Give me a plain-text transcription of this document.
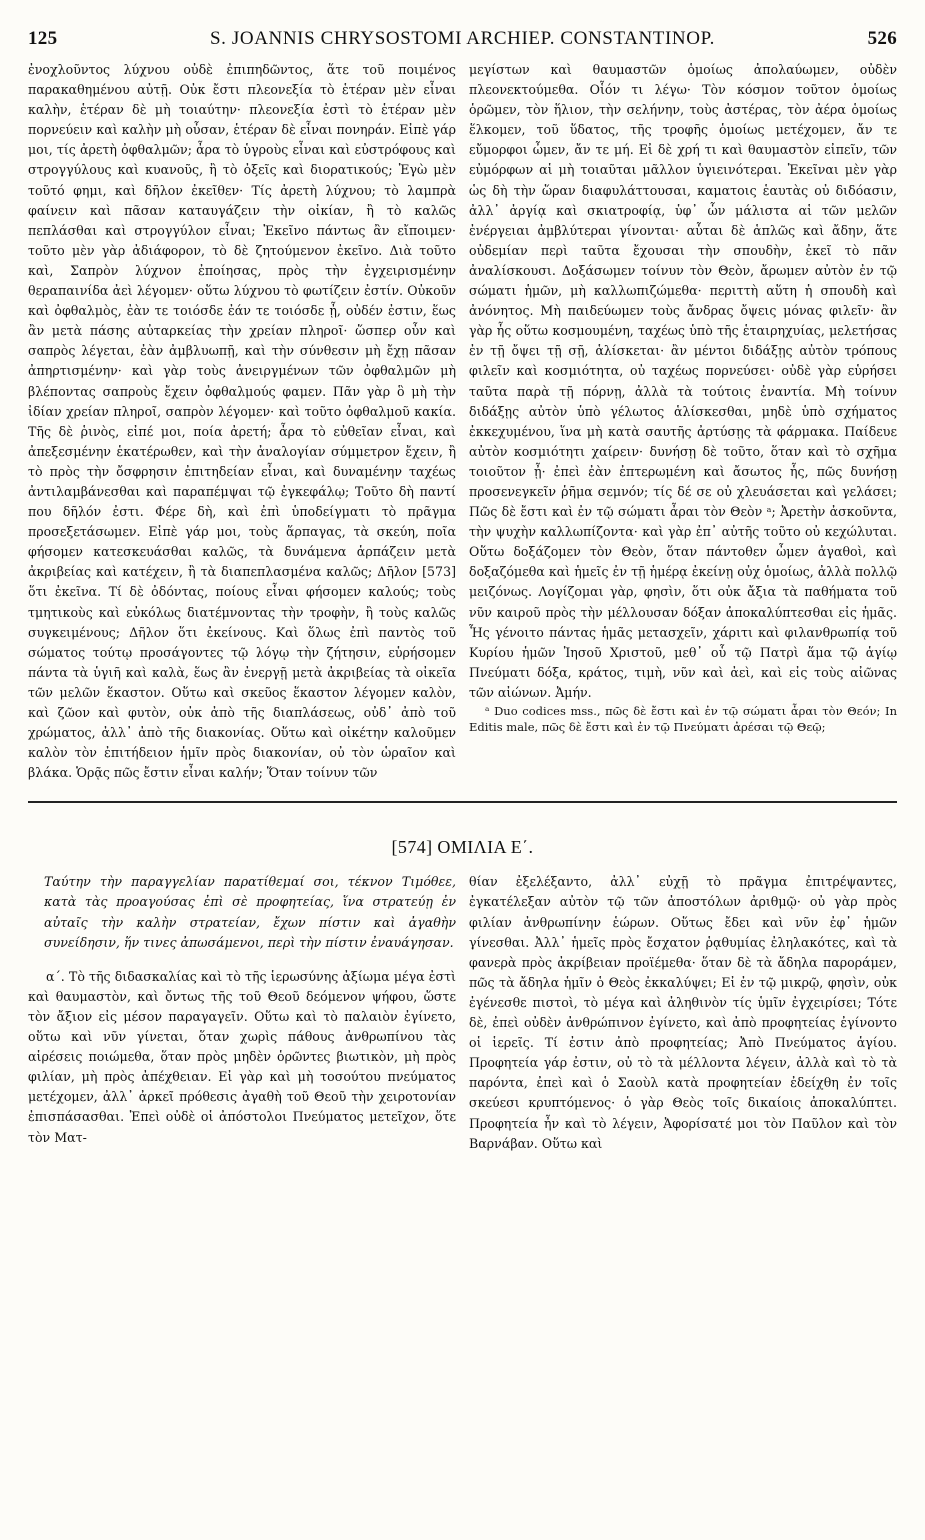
125	S. JOANNIS CHRYSOSTOMI ARCHIEP. CONSTANTINOP.	526

ἐνοχλοῦντος λύχνου οὐδὲ ἐπιπηδῶντος, ἅτε τοῦ ποιμένος παρακαθημένου αὐτῇ. Οὐκ ἔστι πλεονεξία τὸ ἑτέραν μὲν εἶναι καλὴν, ἑτέραν δὲ μὴ τοιαύτην· πλεονεξία ἐστὶ τὸ ἑτέραν μὲν πορνεύειν καὶ καλὴν μὴ οὖσαν, ἑτέραν δὲ εἶναι πονηράν. Εἰπὲ γάρ μοι, τίς ἀρετὴ ὀφθαλμῶν; ἆρα τὸ ὑγροὺς εἶναι καὶ εὐστρόφους καὶ στρογγύλους καὶ κυανοῦς, ἢ τὸ ὀξεῖς καὶ διορατικούς; Ἐγὼ μὲν τοῦτό φημι, καὶ δῆλον ἐκεῖθεν· Τίς ἀρετὴ λύχνου; τὸ λαμπρὰ φαίνειν καὶ πᾶσαν καταυγάζειν τὴν οἰκίαν, ἢ τὸ καλῶς πεπλάσθαι καὶ στρογγύλον εἶναι; Ἐκεῖνο πάντως ἂν εἴποιμεν· τοῦτο μὲν γὰρ ἀδιάφορον, τὸ δὲ ζητούμενον ἐκεῖνο. Διὰ τοῦτο καὶ, Σαπρὸν λύχνον ἐποίησας, πρὸς τὴν ἐγχειρισμένην θεραπαινίδα ἀεὶ λέγομεν· οὕτω λύχνου τὸ φωτίζειν ἐστίν. Οὐκοῦν καὶ ὀφθαλμὸς, ἐὰν τε τοιόσδε ἐάν τε τοιόσδε ᾖ, οὐδέν ἐστιν, ἕως ἂν μετὰ πάσης αὐταρκείας τὴν χρείαν πληροῖ· ὥσπερ οὖν καὶ σαπρὸς λέγεται, ἐὰν ἀμβλυωπῇ, καὶ τὴν σύνθεσιν μὴ ἔχῃ πᾶσαν ἀπηρτισμένην· καὶ γὰρ τοὺς ἀνειργμένων τῶν ὀφθαλμῶν μὴ βλέποντας σαπροὺς ἔχειν ὀφθαλμούς φαμεν. Πᾶν γὰρ ὃ μὴ τὴν ἰδίαν χρείαν πληροῖ, σαπρὸν λέγομεν· καὶ τοῦτο ὀφθαλμοῦ κακία. Τῆς δὲ ῥινὸς, εἰπέ μοι, ποία ἀρετή; ἆρα τὸ εὐθεῖαν εἶναι, καὶ ἀπεξεσμένην ἑκατέρωθεν, καὶ τὴν ἀναλογίαν σύμμετρον ἔχειν, ἢ τὸ πρὸς τὴν ὄσφρησιν ἐπιτηδείαν εἶναι, καὶ δυναμένην ταχέως ἀντιλαμβάνεσθαι καὶ παραπέμψαι τῷ ἐγκεφάλῳ; Τοῦτο δὴ παντί που δῆλόν ἐστι. Φέρε δὴ, καὶ ἐπὶ ὑποδείγματι τὸ πρᾶγμα προσεξετάσωμεν. Εἰπὲ γάρ μοι, τοὺς ἅρπαγας, τὰ σκεύη, ποῖα φήσομεν κατεσκευάσθαι καλῶς, τὰ δυνάμενα ἁρπάζειν μετὰ ἀκριβείας καὶ κατέχειν, ἢ τὰ διαπεπλασμένα καλῶς; Δῆλον [573] ὅτι ἐκεῖνα. Τί δὲ ὀδόντας, ποίους εἶναι φήσομεν καλούς; τοὺς τμητικοὺς καὶ εὐκόλως διατέμνοντας τὴν τροφὴν, ἢ τοὺς καλῶς συγκειμένους; Δῆλον ὅτι ἐκείνους. Καὶ ὅλως ἐπὶ παντὸς τοῦ σώματος τούτῳ προσάγοντες τῷ λόγῳ τὴν ζήτησιν, εὑρήσομεν πάντα τὰ ὑγιῆ καὶ καλὰ, ἕως ἂν ἐνεργῇ μετὰ ἀκριβείας τὰ οἰκεῖα τῶν μελῶν ἕκαστον. Οὕτω καὶ σκεῦος ἕκαστον λέγομεν καλὸν, καὶ ζῶον καὶ φυτὸν, οὐκ ἀπὸ τῆς διαπλάσεως, οὐδ᾽ ἀπὸ τοῦ χρώματος, ἀλλ᾽ ἀπὸ τῆς διακονίας. Οὕτω καὶ οἰκέτην καλοῦμεν καλὸν τὸν ἐπιτήδειον ἡμῖν πρὸς διακονίαν, οὐ τὸν ὡραῖον καὶ βλάκα. Ὁρᾷς πῶς ἔστιν εἶναι καλήν; Ὅταν τοίνυν τῶν

μεγίστων καὶ θαυμαστῶν ὁμοίως ἀπολαύωμεν, οὐδὲν πλεονεκτούμεθα. Οἷόν τι λέγω· Τὸν κόσμον τοῦτον ὁμοίως ὁρῶμεν, τὸν ἥλιον, τὴν σελήνην, τοὺς ἀστέρας, τὸν ἀέρα ὁμοίως ἕλκομεν, τοῦ ὕδατος, τῆς τροφῆς ὁμοίως μετέχομεν, ἄν τε εὔμορφοι ὦμεν, ἄν τε μή. Εἰ δὲ χρή τι καὶ θαυμαστὸν εἰπεῖν, τῶν εὐμόρφων αἱ μὴ τοιαῦται μᾶλλον ὑγιεινότεραι. Ἐκεῖναι μὲν γὰρ ὡς δὴ τὴν ὥραν διαφυλάττουσαι, καματοις ἑαυτὰς οὐ διδόασιν, ἀλλ᾽ ἀργίᾳ καὶ σκιατροφίᾳ, ὑφ᾽ ὧν μάλιστα αἱ τῶν μελῶν ἐνέργειαι ἀμβλύτεραι γίνονται· αὗται δὲ ἁπλῶς καὶ ἄδην, ἅτε οὐδεμίαν περὶ ταῦτα ἔχουσαι τὴν σπουδὴν, ἐκεῖ τὸ πᾶν ἀναλίσκουσι. Δοξάσωμεν τοίνυν τὸν Θεὸν, ἄρωμεν αὐτὸν ἐν τῷ σώματι ἡμῶν, μὴ καλλωπιζώμεθα· περιττὴ αὕτη ἡ σπουδὴ καὶ ἀνόνητος. Μὴ παιδεύωμεν τοὺς ἄνδρας ὄψεις μόνας φιλεῖν· ἂν γὰρ ἧς οὕτω κοσμουμένη, ταχέως ὑπὸ τῆς ἑταιρηχυίας, μελετήσας ἐν τῇ ὄψει τῇ σῇ, ἁλίσκεται· ἂν μέντοι διδάξῃς αὐτὸν τρόπους φιλεῖν καὶ κοσμιότητα, οὐ ταχέως πορνεύσει· οὐδὲ γὰρ εὑρήσει ταῦτα παρὰ τῇ πόρνῃ, ἀλλὰ τὰ τούτοις ἐναντία. Μὴ τοίνυν διδάξῃς αὐτὸν ὑπὸ γέλωτος ἁλίσκεσθαι, μηδὲ ὑπὸ σχήματος ἐκκεχυμένου, ἵνα μὴ κατὰ σαυτῆς ἀρτύσῃς τὰ φάρμακα. Παίδευε αὐτὸν κοσμιότητι χαίρειν· δυνήσῃ δὲ τοῦτο, ὅταν καὶ τὸ σχῆμα τοιοῦτον ᾖ· ἐπεὶ ἐὰν ἐπτερωμένη καὶ ἄσωτος ἧς, πῶς δυνήσῃ προσενεγκεῖν ῥῆμα σεμνόν; τίς δέ σε οὐ χλευάσεται καὶ γελάσει; Πῶς δὲ ἔστι καὶ ἐν τῷ σώματι ἆραι τὸν Θεὸν ᵃ; Ἀρετὴν ἀσκοῦντα, τὴν ψυχὴν καλλωπίζοντα· καὶ γὰρ ἐπ᾽ αὐτῆς τοῦτο οὐ κεχώλυται. Οὕτω δοξάζομεν τὸν Θεὸν, ὅταν πάντοθεν ὦμεν ἀγαθοὶ, καὶ δοξαζόμεθα καὶ ἡμεῖς ἐν τῇ ἡμέρᾳ ἐκείνῃ οὐχ ὁμοίως, ἀλλὰ πολλῷ μειζόνως. Λογίζομαι γὰρ, φησὶν, ὅτι οὐκ ἄξια τὰ παθήματα τοῦ νῦν καιροῦ πρὸς τὴν μέλλουσαν δόξαν ἀποκαλύπτεσθαι εἰς ἡμᾶς. Ἧς γένοιτο πάντας ἡμᾶς μετασχεῖν, χάριτι καὶ φιλανθρωπίᾳ τοῦ Κυρίου ἡμῶν Ἰησοῦ Χριστοῦ, μεθ᾽ οὗ τῷ Πατρὶ ἅμα τῷ ἁγίῳ Πνεύματι δόξα, κράτος, τιμὴ, νῦν καὶ ἀεὶ, καὶ εἰς τοὺς αἰῶνας τῶν αἰώνων. Ἀμήν.

ᵃ Duo codices mss., πῶς δὲ ἔστι καὶ ἐν τῷ σώματι ἆραι τὸν Θεόν; In Editis male, πῶς δὲ ἔστι καὶ ἐν τῷ Πνεύματι ἀρέσαι τῷ Θεῷ;

[574] ΟΜΙΛΙΑ Ε΄.

Ταύτην τὴν παραγγελίαν παρατίθεμαί σοι, τέκνον Τιμόθεε, κατὰ τὰς προαγούσας ἐπὶ σὲ προφητείας, ἵνα στρατεύῃ ἐν αὐταῖς τὴν καλὴν στρατείαν, ἔχων πίστιν καὶ ἀγαθὴν συνείδησιν, ἥν τινες ἀπωσάμενοι, περὶ τὴν πίστιν ἐναυάγησαν.

α΄. Τὸ τῆς διδασκαλίας καὶ τὸ τῆς ἱερωσύνης ἀξίωμα μέγα ἐστὶ καὶ θαυμαστὸν, καὶ ὄντως τῆς τοῦ Θεοῦ δεόμενον ψήφου, ὥστε τὸν ἄξιον εἰς μέσον παραγαγεῖν. Οὕτω καὶ τὸ παλαιὸν ἐγίνετο, οὕτω καὶ νῦν γίνεται, ὅταν χωρὶς πάθους ἀνθρωπίνου τὰς αἱρέσεις ποιώμεθα, ὅταν πρὸς μηδὲν ὁρῶντες βιωτικὸν, μὴ πρὸς φιλίαν, μὴ πρὸς ἀπέχθειαν. Εἰ γὰρ καὶ μὴ τοσούτου πνεύματος μετέχομεν, ἀλλ᾽ ἀρκεῖ πρόθεσις ἀγαθὴ τοῦ Θεοῦ τὴν χειροτονίαν ἐπισπάσασθαι. Ἐπεὶ οὐδὲ οἱ ἀπόστολοι Πνεύματος μετεῖχον, ὅτε τὸν Ματ-

θίαν ἐξελέξαντο, ἀλλ᾽ εὐχῇ τὸ πρᾶγμα ἐπιτρέψαντες, ἐγκατέλεξαν αὐτὸν τῷ τῶν ἀποστόλων ἀριθμῷ· οὐ γὰρ πρὸς φιλίαν ἀνθρωπίνην ἑώρων. Οὕτως ἔδει καὶ νῦν ἐφ᾽ ἡμῶν γίνεσθαι. Ἀλλ᾽ ἡμεῖς πρὸς ἔσχατον ῥᾳθυμίας ἐληλακότες, καὶ τὰ φανερὰ πρὸς ἀκρίβειαν προϊέμεθα· ὅταν δὲ τὰ ἄδηλα παροράμεν, πῶς τὰ ἄδηλα ἡμῖν ὁ Θεὸς ἐκκαλύψει; Εἰ ἐν τῷ μικρῷ, φησὶν, οὐκ ἐγένεσθε πιστοὶ, τὸ μέγα καὶ ἀληθινὸν τίς ὑμῖν ἐγχειρίσει; Τότε δὲ, ἐπεὶ οὐδὲν ἀνθρώπινον ἐγίνετο, καὶ ἀπὸ προφητείας ἐγίνοντο οἱ ἱερεῖς. Τί ἐστιν ἀπὸ προφητείας; Ἀπὸ Πνεύματος ἁγίου. Προφητεία γάρ ἐστιν, οὐ τὸ τὰ μέλλοντα λέγειν, ἀλλὰ καὶ τὸ τὰ παρόντα, ἐπεὶ καὶ ὁ Σαοὺλ κατὰ προφητείαν ἐδείχθη ἐν τοῖς σκεύεσι κρυπτόμενος· ὁ γὰρ Θεὸς τοῖς δικαίοις ἀποκαλύπτει. Προφητεία ἦν καὶ τὸ λέγειν, Ἀφορίσατέ μοι τὸν Παῦλον καὶ τὸν Βαρνάβαν. Οὕτω καὶ
